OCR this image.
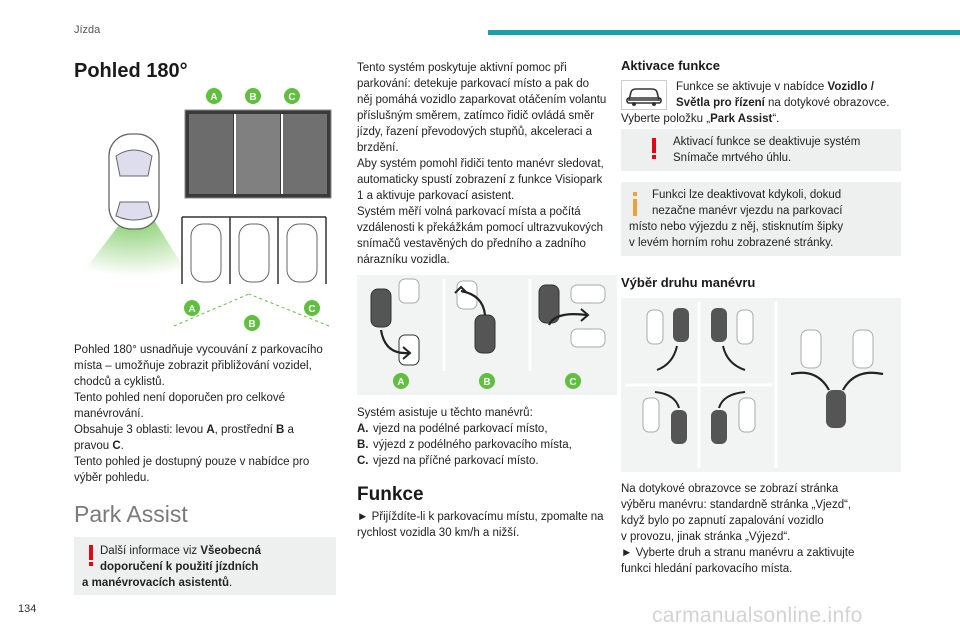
Jízda
Pohled 180°
A	B	C
A
B
C

Pohled 180° usnadňuje vycouvání z parkovacího

místa – umožňuje zobrazit přibližování vozidel,

chodců a cyklistů.

Tento pohled není doporučen pro celkové

manévrování.

Obsahuje 3 oblasti: levou A, prostřední B a

pravou C.

Tento pohled je dostupný pouze v nabídce pro

výběr pohledu.

Park Assist
Další informace viz Všeobecná
doporučení k použití jízdních
a manévrovacích asistentů.

Tento systém poskytuje aktivní pomoc při

parkování: detekuje parkovací místo a pak do

něj pomáhá vozidlo zaparkovat otáčením volantu

příslušným směrem, zatímco řidič ovládá směr

jízdy, řazení převodových stupňů, akceleraci a

brzdění.

Aby systém pomohl řidiči tento manévr sledovat,

automaticky spustí zobrazení z funkce Visiopark

1 a aktivuje parkovací asistent.

Systém měří volná parkovací místa a počítá

vzdálenosti k překážkám pomocí ultrazvukových

snímačů vestavěných do předního a zadního

nárazníku vozidla.

A	B	C

Systém asistuje u těchto manévrů:

A. vjezd na podélné parkovací místo,

B. výjezd z podélného parkovacího místa,

C. vjezd na příčné parkovací místo.

Funkce

► Přijíždíte-li k parkovacímu místu, zpomalte na

rychlost vozidla 30 km/h a nižší.

Aktivace funkce

Funkce se aktivuje v nabídce Vozidlo /

Světla pro řízení na dotykové obrazovce.

Vyberte položku „Park Assist“.

Aktivací funkce se deaktivuje systém

Snímače mrtvého úhlu.

Funkci lze deaktivovat kdykoli, dokud

nezačne manévr vjezdu na parkovací

místo nebo výjezdu z něj, stisknutím šipky

v levém horním rohu zobrazené stránky.

Výběr druhu manévru

Na dotykové obrazovce se zobrazí stránka

výběru manévru: standardně stránka „Vjezd“,

když bylo po zapnutí zapalování vozidlo

v provozu, jinak stránka „Výjezd“.

► Vyberte druh a stranu manévru a zaktivujte

funkci hledání parkovacího místa.

134	carmanualsonline.info
